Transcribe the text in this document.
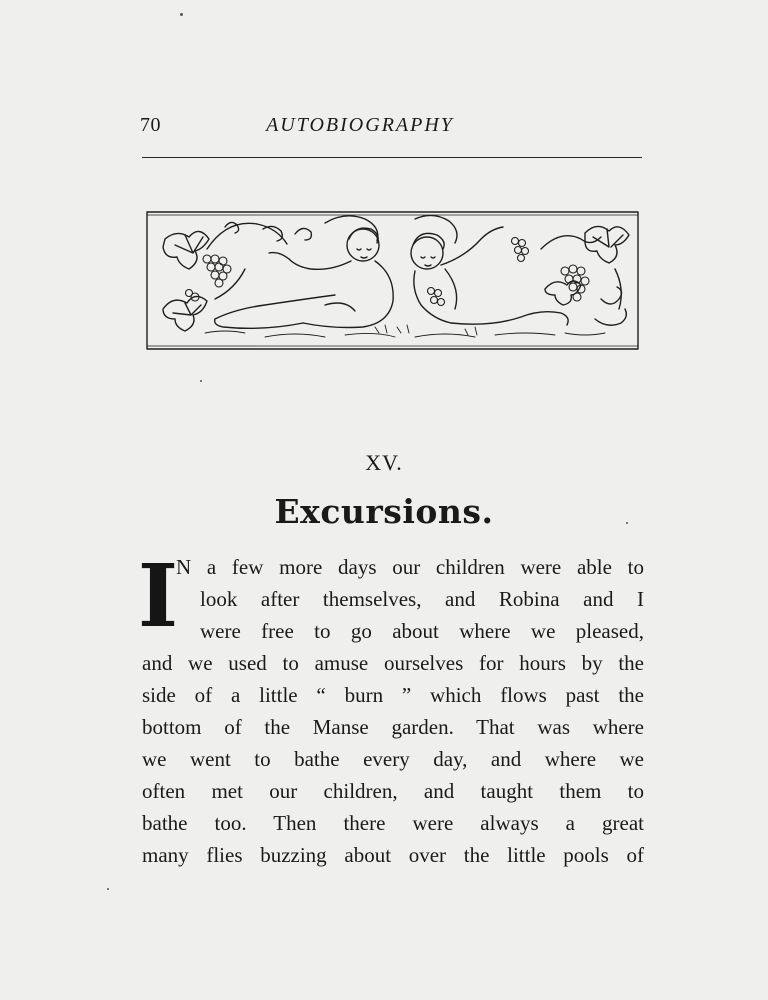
70	AUTOBIOGRAPHY
XV.
Excursions.
I
N a few more days our children were able to
look after themselves, and Robina and I
were free to go about where we pleased,
and we used to amuse ourselves for hours by the
side of a little “ burn ” which flows past the
bottom of the Manse garden. That was where
we went to bathe every day, and where we
often met our children, and taught them to
bathe too. Then there were always a great
many flies buzzing about over the little pools of
